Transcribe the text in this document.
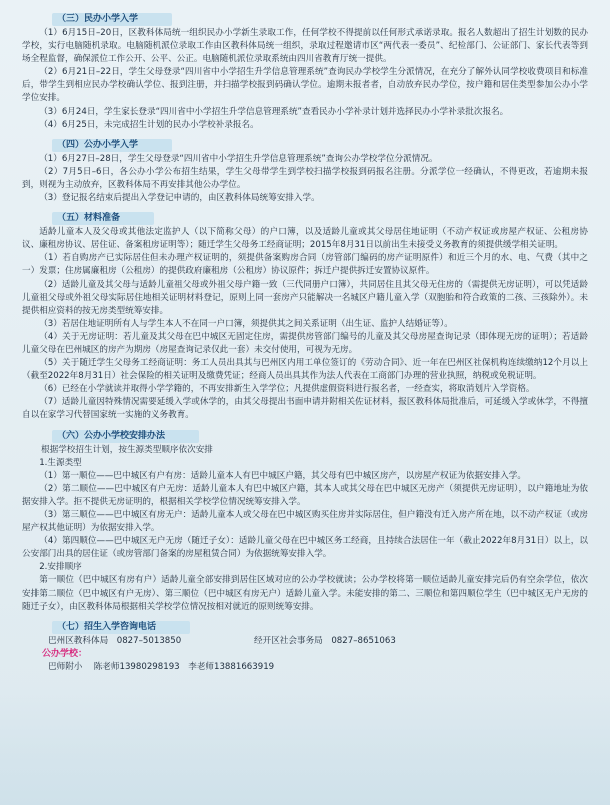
（三）民办小学入学

（1）6月15日–20日，区教科体局统一组织民办小学新生录取工作，任何学校不得提前以任何形式承诺录取。报名人数超出了招生计划数的民办学校，实行电脑随机录取。电脑随机派位录取工作由区教科体局统一组织，录取过程邀请市区“两代表一委员”、纪检部门、公证部门、家长代表等到场全程监督，确保派位工作公开、公平、公正。电脑随机派位录取系统由四川省教育厅统一提供。

（2）6月21日–22日，学生父母登录“四川省中小学招生升学信息管理系统”查询民办学校学生分派情况，在充分了解外认同学校收费项目和标准后，带学生到相应民办学校确认学位、报到注册，并扫描学校报到码确认学位。逾期未报者者，自动放弃民办学位，按户籍和居住类型参加公办小学学位安排。

（3）6月24日，学生家长登录“四川省中小学招生升学信息管理系统”查看民办小学补录计划并选择民办小学补录批次报名。

（4）6月25日，未完成招生计划的民办小学校补录报名。

（四）公办小学入学

（1）6月27日–28日，学生父母登录“四川省中小学招生升学信息管理系统”查询公办学校学位分派情况。

（2）7月5日–6日，各公办小学公布招生结果，学生父母带学生到学校扫描学校报到码报名注册。分派学位一经确认，不得更改，若逾期未报到，则视为主动放弃，区教科体局不再安排其他公办学位。

（3）登记报名结束后提出入学登记申请的，由区教科体局统筹安排入学。

（五）材料准备

适龄儿童本人及父母或其他法定监护人（以下简称父母）的户口簿，以及适龄儿童或其父母居住地证明（不动产权证或房屋产权证、公租房协议、廉租房协议、居住证、备案租房证明等）；随迁学生父母务工经商证明；2015年8月31日以前出生未接受义务教育的须提供缓学相关证明。

（1）若自购房产已实际居住但未办理产权证明的，须提供备案购房合同（房管部门编码的房产证明原件）和近三个月的水、电、气费（其中之一）发票；住房属廉租房（公租房）的提供政府廉租房（公租房）协议原件；拆迁户提供拆迁安置协议原件。

（2）适龄儿童及其父母与适龄儿童祖父母或外祖父母户籍一致（三代同册户口簿），共同居住且其父母无住房的（需提供无房证明），可以凭适龄儿童祖父母或外祖父母实际居住地相关证明材料登记，原则上同一套房产只能解决一名城区户籍儿童入学（双胞胎和符合政策的二孩、三孩除外）。未提供相应资料的按无房类型统筹安排。

（3）若居住地证明所有人与学生本人不在同一户口簿，须提供其之间关系证明（出生证、监护人结婚证等）。

（4）关于无房证明：若儿童及其父母在巴中城区无固定住房，需提供房管部门编号的儿童及其父母房屋查询记录（即体现无房的证明）；若适龄儿童父母在巴州城区的房产为期房（房屋查询记录仅此一套）未交付使用，可视为无房。

（5）关于随迁学生父母务工经商证明：务工人员出具其与巴州区内用工单位签订的《劳动合同》、近一年在巴州区社保机构连续缴纳12个月以上（截至2022年8月31日）社会保险的相关证明及缴费凭证；经商人员出具其作为法人代表在工商部门办理的营业执照，纳税或免税证明。

（6）已经在小学就读并取得小学学籍的，不再安排新生入学学位；凡提供虚假资料进行报名者，一经查实，将取消划片入学资格。

（7）适龄儿童因特殊情况需要延缓入学或休学的，由其父母提出书面申请并附相关佐证材料，报区教科体局批准后，可延缓入学或休学，不得擅自以在家学习代替国家统一实施的义务教育。

（六）公办小学校安排办法

根据学校招生计划，按生源类型顺序依次安排

1.生源类型

（1）第一顺位——巴中城区有户有房：适龄儿童本人有巴中城区户籍，其父母有巴中城区房产，以房屋产权证为依据安排入学。

（2）第二顺位——巴中城区有户无房：适龄儿童本人有巴中城区户籍，其本人或其父母在巴中城区无房产（须提供无房证明），以户籍地址为依据安排入学。拒不提供无房证明的，根据相关学校学位情况统筹安排入学。

（3）第三顺位——巴中城区有房无户：适龄儿童本人或父母在巴中城区购买住房并实际居住，但户籍没有迁入房产所在地，以不动产权证（或房屋产权其他证明）为依据安排入学。

（4）第四顺位——巴中城区无户无房（随迁子女）：适龄儿童父母在巴中城区务工经商，且持续合法居住一年（截止2022年8月31日）以上，以公安部门出具的居住证（或房管部门备案的房屋租赁合同）为依据统筹安排入学。

2.安排顺序

第一顺位（巴中城区有房有户）适龄儿童全部安排到居住区域对应的公办学校就读；公办学校将第一顺位适龄儿童安排完后仍有空余学位，依次安排第二顺位（巴中城区有户无房）、第三顺位（巴中城区有房无户）适龄儿童入学。未能安排的第二、三顺位和第四顺位学生（巴中城区无户无房的随迁子女），由区教科体局根据相关学校学位情况按相对就近的原则统筹安排。

（七）招生入学咨询电话
巴州区教科体局　0827–5013850	经开区社会事务局　0827–8651063
公办学校：
巴师附小　 陈老师13980298193　李老师13881663919
